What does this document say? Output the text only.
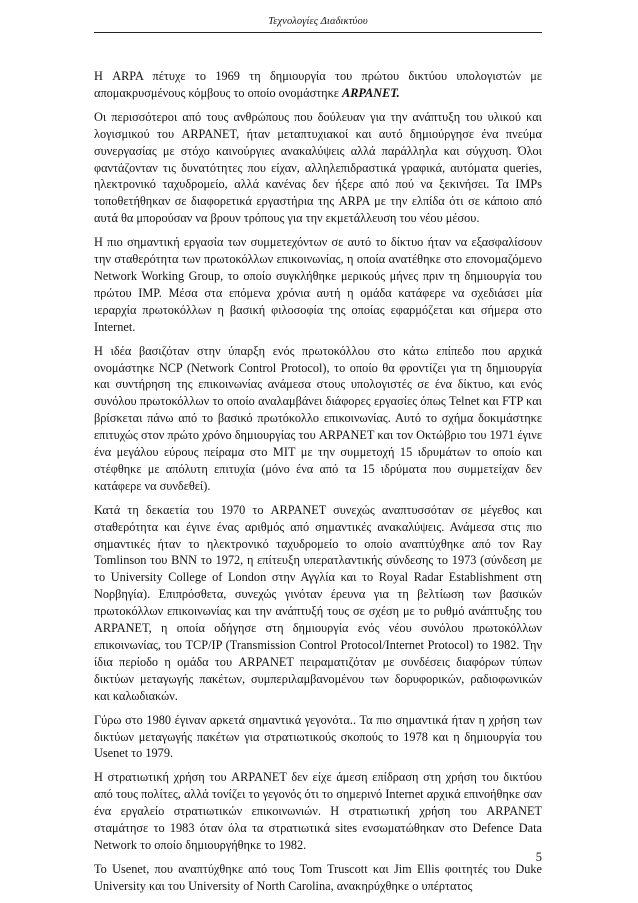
Τεχνολογίες Διαδικτύου

Η ARPA πέτυχε το 1969 τη δημιουργία του πρώτου δικτύου υπολογιστών με απομακρυσμένους κόμβους το οποίο ονομάστηκε ARPANET.

Οι περισσότεροι από τους ανθρώπους που δούλευαν για την ανάπτυξη του υλικού και λογισμικού του ARPANET, ήταν μεταπτυχιακοί και αυτό δημιούργησε ένα πνεύμα συνεργασίας με στόχο καινούργιες ανακαλύψεις αλλά παράλληλα και σύγχυση. Όλοι φαντάζονταν τις δυνατότητες που είχαν, αλληλεπιδραστικά γραφικά, αυτόματα queries, ηλεκτρονικό ταχυδρομείο, αλλά κανένας δεν ήξερε από πού να ξεκινήσει. Τα IMPs τοποθετήθηκαν σε διαφορετικά εργαστήρια της ARPA με την ελπίδα ότι σε κάποιο από αυτά θα μπορούσαν να βρουν τρόπους για την εκμετάλλευση του νέου μέσου.

Η πιο σημαντική εργασία των συμμετεχόντων σε αυτό το δίκτυο ήταν να εξασφαλίσουν την σταθερότητα των πρωτοκόλλων επικοινωνίας, η οποία ανατέθηκε στο επονομαζόμενο Network Working Group, το οποίο συγκλήθηκε μερικούς μήνες πριν τη δημιουργία του πρώτου IMP. Μέσα στα επόμενα χρόνια αυτή η ομάδα κατάφερε να σχεδιάσει μία ιεραρχία πρωτοκόλλων η βασική φιλοσοφία της οποίας εφαρμόζεται και σήμερα στο Internet.

Η ιδέα βασιζόταν στην ύπαρξη ενός πρωτοκόλλου στο κάτω επίπεδο που αρχικά ονομάστηκε NCP (Network Control Protocol), το οποίο θα φροντίζει για τη δημιουργία και συντήρηση της επικοινωνίας ανάμεσα στους υπολογιστές σε ένα δίκτυο, και ενός συνόλου πρωτοκόλλων το οποίο αναλαμβάνει διάφορες εργασίες όπως Telnet και FTP και βρίσκεται πάνω από το βασικό πρωτόκολλο επικοινωνίας. Αυτό το σχήμα δοκιμάστηκε επιτυχώς στον πρώτο χρόνο δημιουργίας του ARPANET και τον Οκτώβριο του 1971 έγινε ένα μεγάλου εύρους πείραμα στο MIT με την συμμετοχή 15 ιδρυμάτων το οποίο και στέφθηκε με απόλυτη επιτυχία (μόνο ένα από τα 15 ιδρύματα που συμμετείχαν δεν κατάφερε να συνδεθεί).

Κατά τη δεκαετία του 1970 το ARPANET συνεχώς αναπτυσσόταν σε μέγεθος και σταθερότητα και έγινε ένας αριθμός από σημαντικές ανακαλύψεις. Ανάμεσα στις πιο σημαντικές ήταν το ηλεκτρονικό ταχυδρομείο το οποίο αναπτύχθηκε από τον Ray Tomlinson του BNN το 1972, η επίτευξη υπερατλαντικής σύνδεσης το 1973 (σύνδεση με το University College of London στην Αγγλία και το Royal Radar Establishment στη Νορβηγία). Επιπρόσθετα, συνεχώς γινόταν έρευνα για τη βελτίωση των βασικών πρωτοκόλλων επικοινωνίας και την ανάπτυξή τους σε σχέση με το ρυθμό ανάπτυξης του ARPANET, η οποία οδήγησε στη δημιουργία ενός νέου συνόλου πρωτοκόλλων επικοινωνίας, του TCP/IP (Transmission Control Protocol/Internet Protocol) το 1982. Την ίδια περίοδο η ομάδα του ARPANET πειραματιζόταν με συνδέσεις διαφόρων τύπων δικτύων μεταγωγής πακέτων, συμπεριλαμβανομένου των δορυφορικών, ραδιοφωνικών και καλωδιακών.

Γύρω στο 1980 έγιναν αρκετά σημαντικά γεγονότα.. Τα πιο σημαντικά ήταν η χρήση των δικτύων μεταγωγής πακέτων για στρατιωτικούς σκοπούς το 1978 και η δημιουργία του Usenet το 1979.

Η στρατιωτική χρήση του ARPANET δεν είχε άμεση επίδραση στη χρήση του δικτύου από τους πολίτες, αλλά τονίζει το γεγονός ότι το σημερινό Internet αρχικά επινοήθηκε σαν ένα εργαλείο στρατιωτικών επικοινωνιών. Η στρατιωτική χρήση του ARPANET σταμάτησε το 1983 όταν όλα τα στρατιωτικά sites ενσωματώθηκαν στο Defence Data Network το οποίο δημιουργήθηκε το 1982.

Το Usenet, που αναπτύχθηκε από τους Tom Truscott και Jim Ellis φοιτητές του Duke University και του University of North Carolina, ανακηρύχθηκε ο υπέρτατος

5
